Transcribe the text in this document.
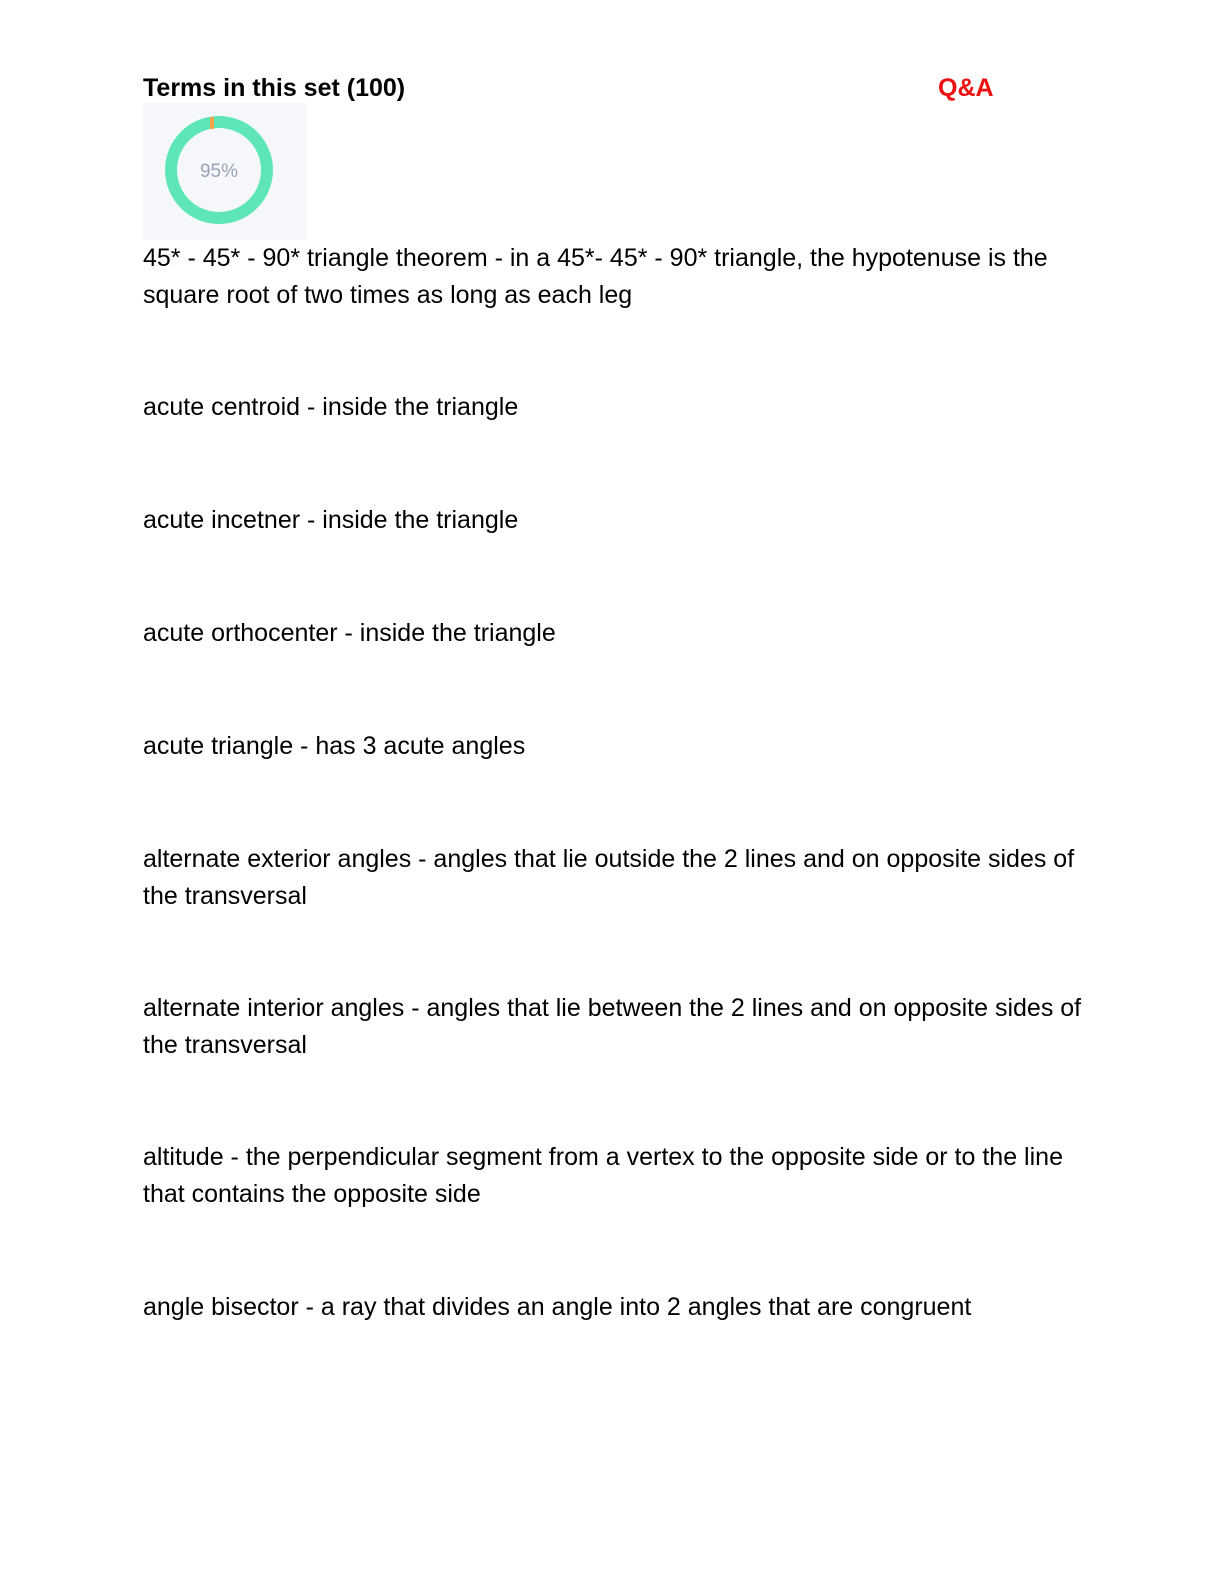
Terms in this set (100)	Q&A
95%

45* - 45* - 90* triangle theorem - in a 45*- 45* - 90* triangle, the hypotenuse is the square root of two times as long as each leg

acute centroid - inside the triangle

acute incetner - inside the triangle

acute orthocenter - inside the triangle

acute triangle - has 3 acute angles

alternate exterior angles - angles that lie outside the 2 lines and on opposite sides of the transversal

alternate interior angles - angles that lie between the 2 lines and on opposite sides of the transversal

altitude - the perpendicular segment from a vertex to the opposite side or to the line that contains the opposite side

angle bisector - a ray that divides an angle into 2 angles that are congruent
